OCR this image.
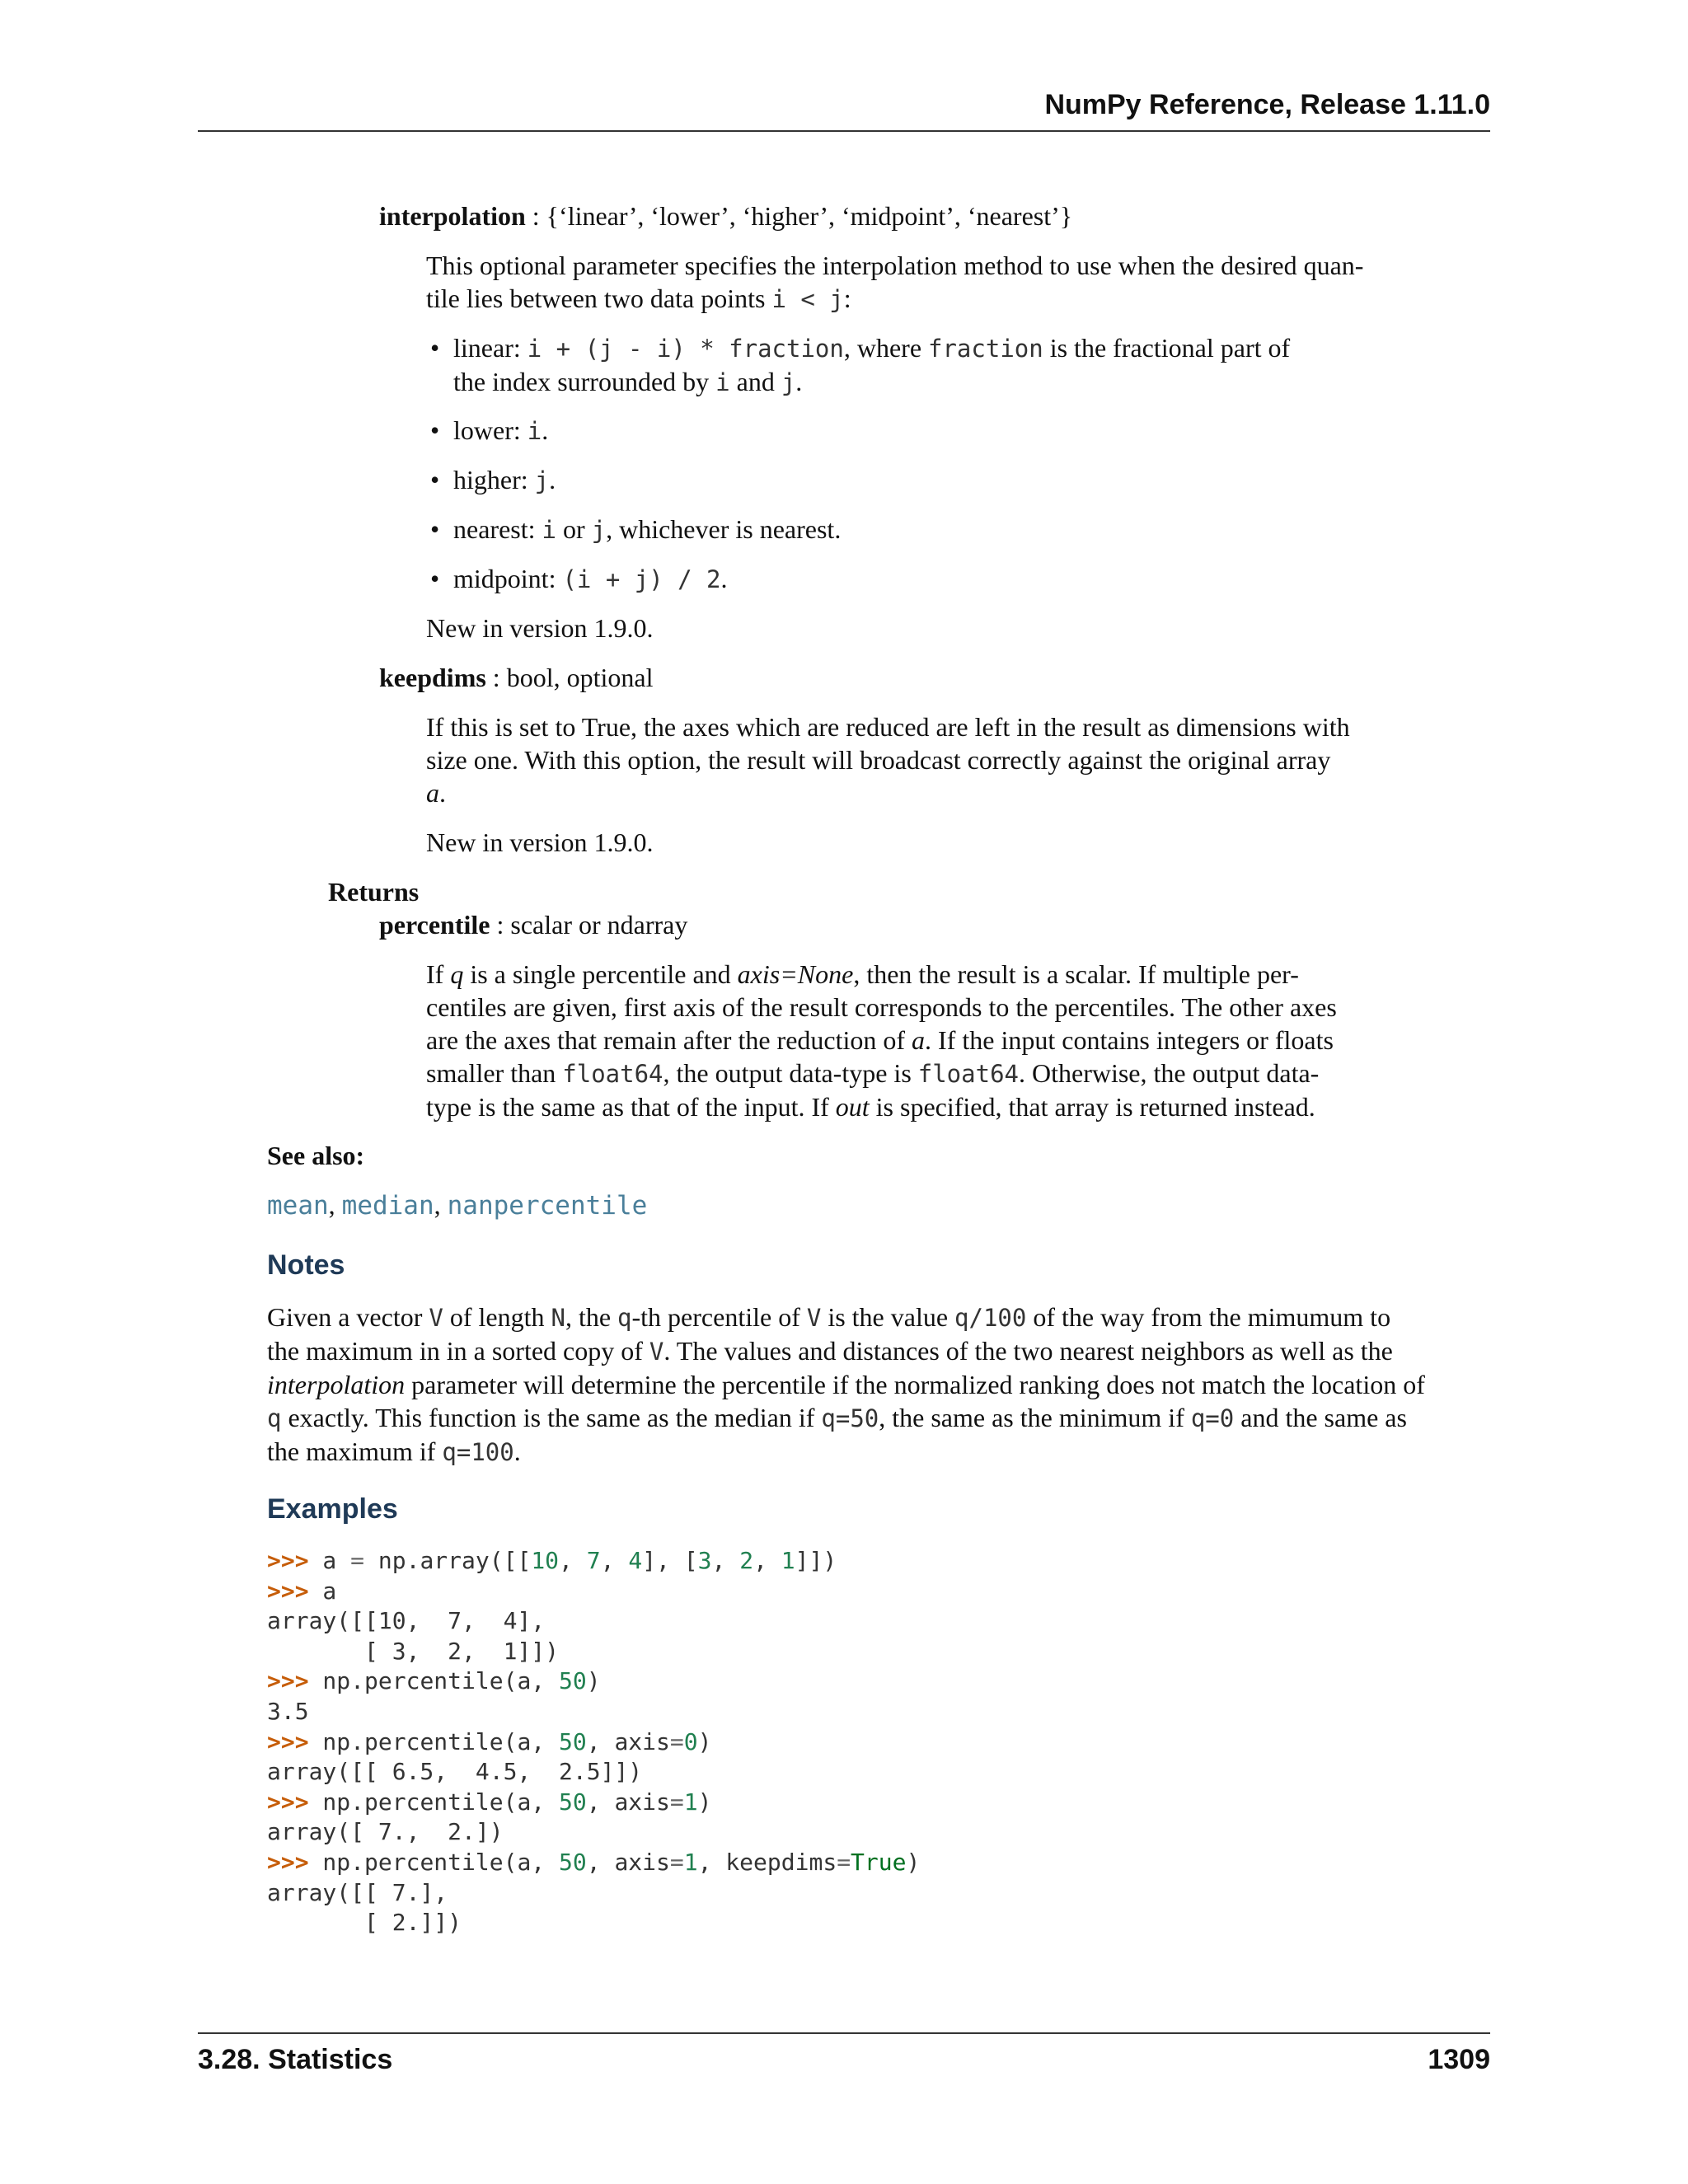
NumPy Reference, Release 1.11.0
interpolation : {‘linear’, ‘lower’, ‘higher’, ‘midpoint’, ‘nearest’}
This optional parameter specifies the interpolation method to use when the desired quan-
tile lies between two data points i < j:
• linear: i + (j - i) * fraction, where fraction is the fractional part of
the index surrounded by i and j.
• lower: i.
• higher: j.
• nearest: i or j, whichever is nearest.
• midpoint: (i + j) / 2.
New in version 1.9.0.
keepdims : bool, optional
If this is set to True, the axes which are reduced are left in the result as dimensions with
size one. With this option, the result will broadcast correctly against the original array
a.
New in version 1.9.0.
Returns
percentile : scalar or ndarray
If q is a single percentile and axis=None, then the result is a scalar. If multiple per-
centiles are given, first axis of the result corresponds to the percentiles. The other axes
are the axes that remain after the reduction of a. If the input contains integers or floats
smaller than float64, the output data-type is float64. Otherwise, the output data-
type is the same as that of the input. If out is specified, that array is returned instead.
See also:
mean, median, nanpercentile
Notes
Given a vector V of length N, the q-th percentile of V is the value q/100 of the way from the mimumum to
the maximum in in a sorted copy of V. The values and distances of the two nearest neighbors as well as the
interpolation parameter will determine the percentile if the normalized ranking does not match the location of
q exactly. This function is the same as the median if q=50, the same as the minimum if q=0 and the same as
the maximum if q=100.
Examples
>>> a = np.array([[10, 7, 4], [3, 2, 1]])
>>> a
array([[10,  7,  4],
[ 3,  2,  1]])
>>> np.percentile(a, 50)
3.5
>>> np.percentile(a, 50, axis=0)
array([[ 6.5,  4.5,  2.5]])
>>> np.percentile(a, 50, axis=1)
array([ 7.,  2.])
>>> np.percentile(a, 50, axis=1, keepdims=True)
array([[ 7.],
[ 2.]])
3.28. Statistics	1309
